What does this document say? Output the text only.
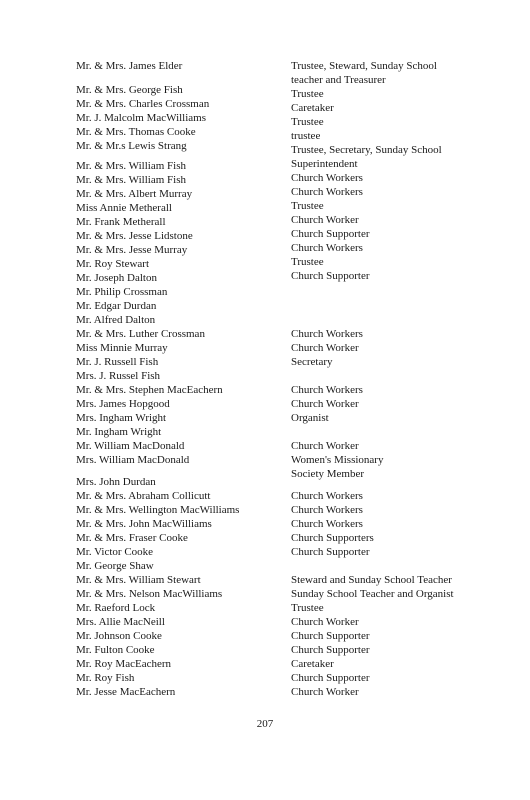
Mr. & Mrs. James Elder
Mr. & Mrs. George Fish
Mr. & Mrs. Charles Crossman
Mr. J. Malcolm MacWilliams
Mr. & Mrs. Thomas Cooke
Mr. & Mr.s Lewis Strang
Mr. & Mrs. William Fish
Mr. & Mrs. William Fish
Mr. & Mrs. Albert Murray
Miss Annie Metherall
Mr. Frank Metherall
Mr. & Mrs. Jesse Lidstone
Mr. & Mrs. Jesse Murray
Mr. Roy Stewart
Mr. Joseph Dalton
Mr. Philip Crossman
Mr. Edgar Durdan
Mr. Alfred Dalton
Mr. & Mrs. Luther Crossman
Miss Minnie Murray
Mr. J. Russell Fish
Mrs. J. Russel Fish
Mr. & Mrs. Stephen MacEachern
Mrs. James Hopgood
Mrs. Ingham Wright
Mr. Ingham Wright
Mr. William MacDonald
Mrs. William MacDonald
Mrs. John Durdan
Mr. & Mrs. Abraham Collicutt
Mr. & Mrs. Wellington MacWilliams
Mr. & Mrs. John MacWilliams
Mr. & Mrs. Fraser Cooke
Mr. Victor Cooke
Mr. George Shaw
Mr. & Mrs. William Stewart
Mr. & Mrs. Nelson MacWilliams
Mr. Raeford Lock
Mrs. Allie MacNeill
Mr. Johnson Cooke
Mr. Fulton Cooke
Mr. Roy MacEachern
Mr. Roy Fish
Mr. Jesse MacEachern
Trustee, Steward, Sunday School
teacher and Treasurer
Trustee
Caretaker
Trustee
trustee
Trustee, Secretary, Sunday School
Superintendent
Church Workers
Church Workers
Trustee
Church Worker
Church Supporter
Church Workers
Trustee
Church Supporter
Church Workers
Church Worker
Secretary
Church Workers
Church Worker
Organist
Church Worker
Women's Missionary
Society Member
Church Workers
Church Workers
Church Workers
Church Supporters
Church Supporter
Steward and Sunday School Teacher
Sunday School Teacher and Organist
Trustee
Church Worker
Church Supporter
Church Supporter
Caretaker
Church Supporter
Church Worker
207
